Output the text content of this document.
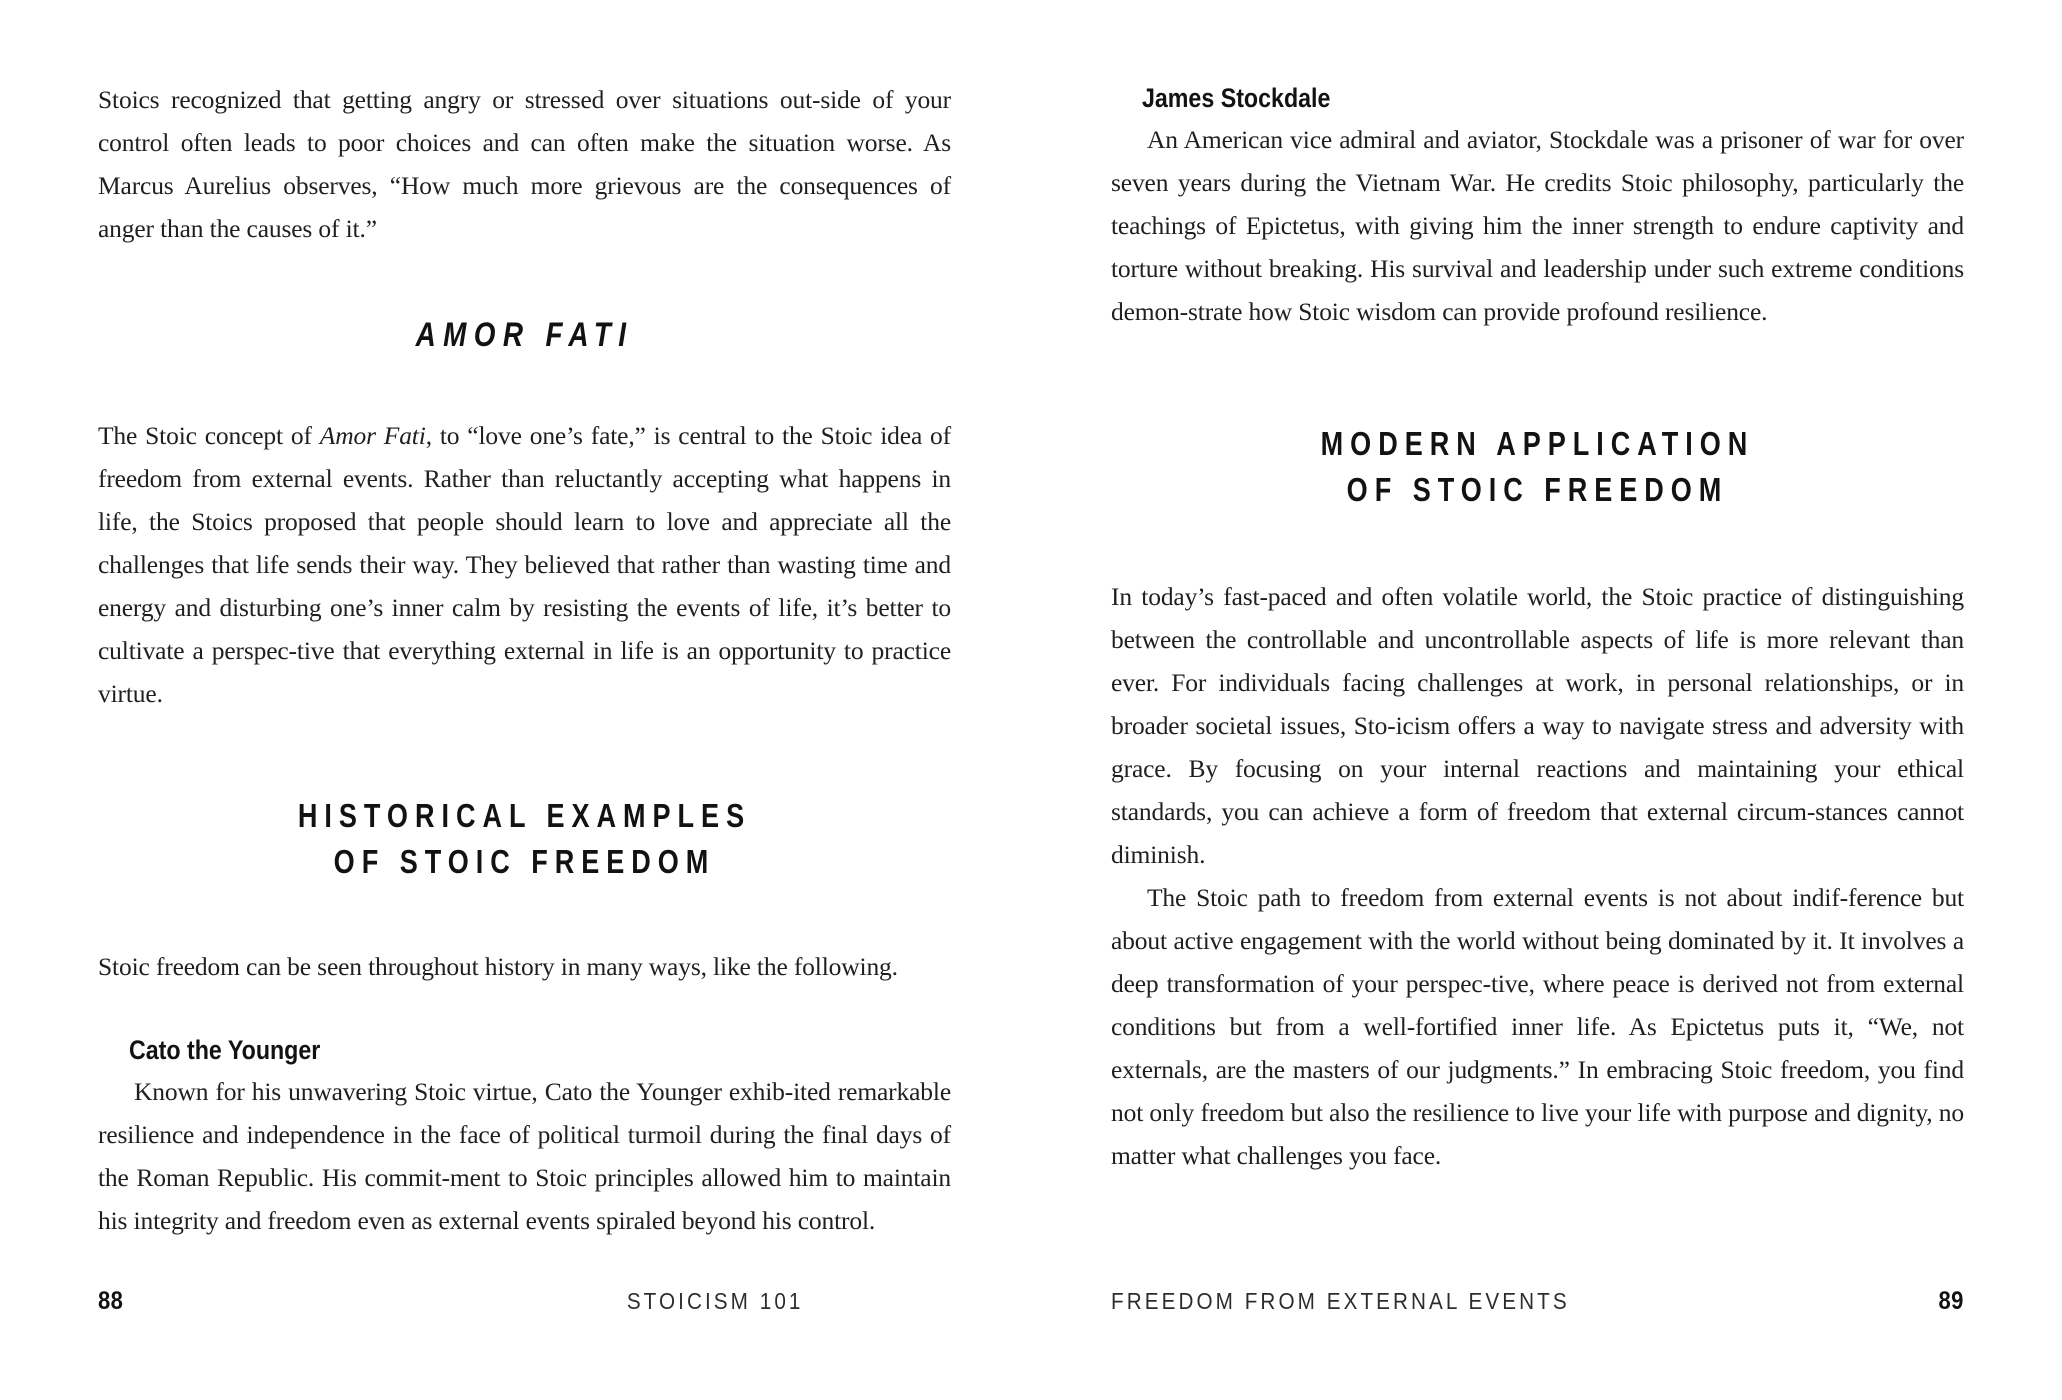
Stoics recognized that getting angry or stressed over situations out-side of your control often leads to poor choices and can often make the situation worse. As Marcus Aurelius observes, “How much more grievous are the consequences of anger than the causes of it.”

AMOR FATI

The Stoic concept of Amor Fati, to “love one’s fate,” is central to the Stoic idea of freedom from external events. Rather than reluctantly accepting what happens in life, the Stoics proposed that people should learn to love and appreciate all the challenges that life sends their way. They believed that rather than wasting time and energy and disturbing one’s inner calm by resisting the events of life, it’s better to cultivate a perspec-tive that everything external in life is an opportunity to practice virtue.

HISTORICAL EXAMPLES
OF STOIC FREEDOM

Stoic freedom can be seen throughout history in many ways, like the following.

Cato the Younger

Known for his unwavering Stoic virtue, Cato the Younger exhib-ited remarkable resilience and independence in the face of political turmoil during the final days of the Roman Republic. His commit-ment to Stoic principles allowed him to maintain his integrity and freedom even as external events spiraled beyond his control.

88	STOICISM 101
James Stockdale

An American vice admiral and aviator, Stockdale was a prisoner of war for over seven years during the Vietnam War. He credits Stoic philosophy, particularly the teachings of Epictetus, with giving him the inner strength to endure captivity and torture without breaking. His survival and leadership under such extreme conditions demon-strate how Stoic wisdom can provide profound resilience.

MODERN APPLICATION
OF STOIC FREEDOM

In today’s fast-paced and often volatile world, the Stoic practice of distinguishing between the controllable and uncontrollable aspects of life is more relevant than ever. For individuals facing challenges at work, in personal relationships, or in broader societal issues, Sto-icism offers a way to navigate stress and adversity with grace. By focusing on your internal reactions and maintaining your ethical standards, you can achieve a form of freedom that external circum-stances cannot diminish.

The Stoic path to freedom from external events is not about indif-ference but about active engagement with the world without being dominated by it. It involves a deep transformation of your perspec-tive, where peace is derived not from external conditions but from a well-fortified inner life. As Epictetus puts it, “We, not externals, are the masters of our judgments.” In embracing Stoic freedom, you find not only freedom but also the resilience to live your life with purpose and dignity, no matter what challenges you face.

FREEDOM FROM EXTERNAL EVENTS	89
